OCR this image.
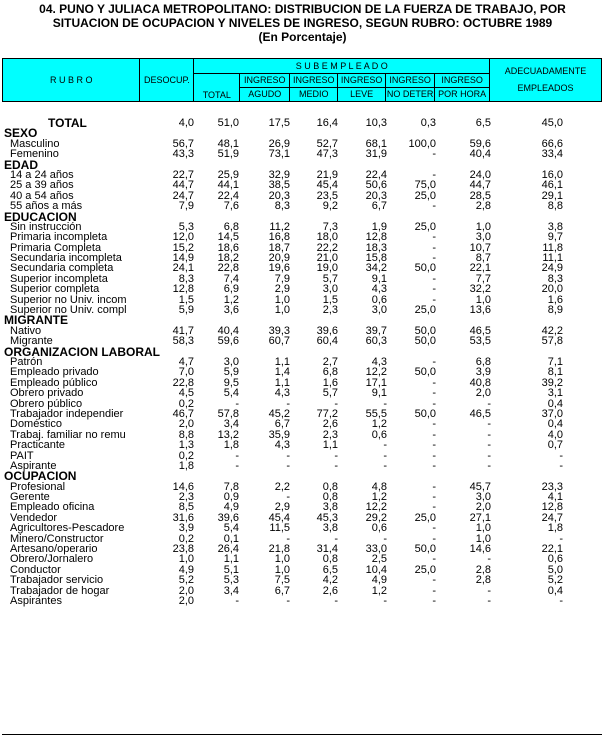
04. PUNO Y JULIACA METROPOLITANO: DISTRIBUCION DE LA FUERZA DE TRABAJO, POR
SITUACION DE OCUPACION Y NIVELES DE INGRESO, SEGUN RUBRO: OCTUBRE 1989
(En Porcentaje)
R U B R O	DESOCUP.	S U B E M P L E A D O						ADECUADAMENTE
EMPLEADOS

		TOTAL	INGRESO	INGRESO	INGRESO	INGRESO	INGRESO	
			AGUDO	MEDIO	LEVE	NO DETER	POR HORA	
TOTAL	4,0	51,0	17,5	16,4	10,3	0,3	6,5	45,0
SEXO
Masculino	56,7	48,1	26,9	52,7	68,1	100,0	59,6	66,6
Femenino	43,3	51,9	73,1	47,3	31,9	-	40,4	33,4
EDAD
14 a 24 años	22,7	25,9	32,9	21,9	22,4	-	24,0	16,0
25 a 39 años	44,7	44,1	38,5	45,4	50,6	75,0	44,7	46,1
40 a 54 años	24,7	22,4	20,3	23,5	20,3	25,0	28,5	29,1
55 años a más	7,9	7,6	8,3	9,2	6,7	-	2,8	8,8
EDUCACION
Sin instrucción	5,3	6,8	11,2	7,3	1,9	25,0	1,0	3,8
Primaria incompleta	12,0	14,5	16,8	18,0	12,8	-	3,0	9,7
Primaria Completa	15,2	18,6	18,7	22,2	18,3	-	10,7	11,8
Secundaria incompleta	14,9	18,2	20,9	21,0	15,8	-	8,7	11,1
Secundaria completa	24,1	22,8	19,6	19,0	34,2	50,0	22,1	24,9
Superior incompleta	8,3	7,4	7,9	5,7	9,1	-	7,7	8,3
Superior completa	12,8	6,9	2,9	3,0	4,3	-	32,2	20,0
Superior no Univ. incom	1,5	1,2	1,0	1,5	0,6	-	1,0	1,6
Superior no Univ. compl	5,9	3,6	1,0	2,3	3,0	25,0	13,6	8,9
MIGRANTE
Nativo	41,7	40,4	39,3	39,6	39,7	50,0	46,5	42,2
Migrante	58,3	59,6	60,7	60,4	60,3	50,0	53,5	57,8
ORGANIZACION LABORAL
Patrón	4,7	3,0	1,1	2,7	4,3	-	6,8	7,1
Empleado privado	7,0	5,9	1,4	6,8	12,2	50,0	3,9	8,1
Empleado público	22,8	9,5	1,1	1,6	17,1	-	40,8	39,2
Obrero privado	4,5	5,4	4,3	5,7	9,1	-	2,0	3,1
Obrero público	0,2	-	-	-	-	-	-	0,4
Trabajador independier	46,7	57,8	45,2	77,2	55,5	50,0	46,5	37,0
Doméstico	2,0	3,4	6,7	2,6	1,2	-	-	0,4
Trabaj. familiar no remu	8,8	13,2	35,9	2,3	0,6	-	-	4,0
Practicante	1,3	1,8	4,3	1,1	-	-	-	0,7
PAIT	0,2	-	-	-	-	-	-	-
Aspirante	1,8	-	-	-	-	-	-	-
OCUPACION
Profesional	14,6	7,8	2,2	0,8	4,8	-	45,7	23,3
Gerente	2,3	0,9	-	0,8	1,2	-	3,0	4,1
Empleado oficina	8,5	4,9	2,9	3,8	12,2	-	2,0	12,8
Vendedor	31,6	39,6	45,4	45,3	29,2	25,0	27,1	24,7
Agricultores-Pescadore	3,9	5,4	11,5	3,8	0,6	-	1,0	1,8
Minero/Constructor	0,2	0,1	-	-	-	-	1,0	-
Artesano/operario	23,8	26,4	21,8	31,4	33,0	50,0	14,6	22,1
Obrero/Jornalero	1,0	1,1	1,0	0,8	2,5	-	-	0,6
Conductor	4,9	5,1	1,0	6,5	10,4	25,0	2,8	5,0
Trabajador servicio	5,2	5,3	7,5	4,2	4,9	-	2,8	5,2
Trabajador de hogar	2,0	3,4	6,7	2,6	1,2	-	-	0,4
Aspirantes	2,0	-	-	-	-	-	-	-
